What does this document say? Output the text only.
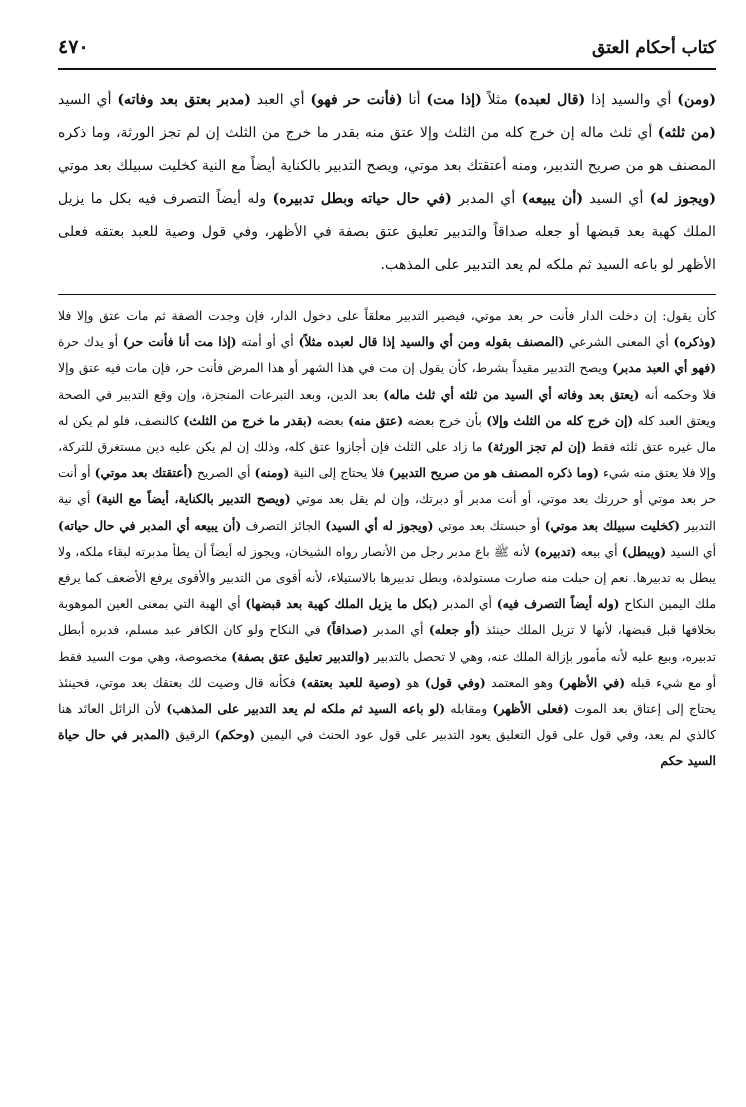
كتاب أحكام العتق
٤٧٠

(ومن) أي والسيد إذا (قال لعبده) مثلاً (إذا مت) أنا (فأنت حر فهو) أي العبد (مدبر بعتق بعد وفاته) أي السيد (من ثلثه) أي ثلث ماله إن خرج كله من الثلث وإلا عتق منه بقدر ما خرج من الثلث إن لم تجز الورثة، وما ذكره المصنف هو من صريح التدبير، ومنه أعتقتك بعد موتي، ويصح التدبير بالكناية أيضاً مع النية كخليت سبيلك بعد موتي (ويجوز له) أي السيد (أن يبيعه) أي المدبر (في حال حياته وبطل تدبيره) وله أيضاً التصرف فيه بكل ما يزيل الملك كهبة بعد قبضها أو جعله صداقاً والتدبير تعليق عتق بصفة في الأظهر، وفي قول وصية للعبد بعتقه فعلى الأظهر لو باعه السيد ثم ملكه لم يعد التدبير على المذهب.

كأن يقول: إن دخلت الدار فأنت حر بعد موتي، فيصير التدبير معلقاً على دخول الدار، فإن وجدت الصفة ثم مات عتق وإلا فلا (وذكره) أي المعنى الشرعي (المصنف بقوله ومن أي والسيد إذا قال لعبده مثلاً) أي أو أمته (إذا مت أنا فأنت حر) أو يدك حرة (فهو أي العبد مدبر) ويصح التدبير مقيداً بشرط، كأن يقول إن مت في هذا الشهر أو هذا المرض فأنت حر، فإن مات فيه عتق وإلا فلا وحكمه أنه (يعتق بعد وفاته أي السيد من ثلثه أي ثلث ماله) بعد الدين، وبعد التبرعات المنجزة، وإن وقع التدبير في الصحة ويعتق العبد كله (إن خرج كله من الثلث وإلا) بأن خرج بعضه (عتق منه) بعضه (بقدر ما خرج من الثلث) كالنصف، فلو لم يكن له مال غيره عتق ثلثه فقط (إن لم تجز الورثة) ما زاد على الثلث فإن أجازوا عتق كله، وذلك إن لم يكن عليه دين مستغرق للتركة، وإلا فلا يعتق منه شيء (وما ذكره المصنف هو من صريح التدبير) فلا يحتاج إلى النية (ومنه) أي الصريح (أعتقتك بعد موتي) أو أنت حر بعد موتي أو حررتك بعد موتي، أو أنت مدبر أو دبرتك، وإن لم يقل بعد موتي (ويصح التدبير بالكناية، أيضاً مع النية) أي نية التدبير (كخليت سبيلك بعد موتي) أو حبستك بعد موتي (ويجوز له أي السيد) الجائز التصرف (أن يبيعه أي المدبر في حال حياته) أي السيد (ويبطل) أي بيعه (تدبيره) لأنه ﷺ باع مدبر رجل من الأنصار رواه الشيخان، ويجوز له أيضاً أن يطأ مدبرته لبقاء ملكه، ولا يبطل به تدبيرها. نعم إن حبلت منه صارت مستولدة، وبطل تدبيرها بالاستيلاء، لأنه أقوى من التدبير والأقوى يرفع الأضعف كما يرفع ملك اليمين النكاح (وله أيضاً التصرف فيه) أي المدبر (بكل ما يزيل الملك كهبة بعد قبضها) أي الهبة التي بمعنى العين الموهوبة بخلافها قبل قبضها، لأنها لا تزيل الملك حينئذ (أو جعله) أي المدبر (صداقاً) في النكاح ولو كان الكافر عبد مسلم، فدبره أبطل تدبيره، وبيع عليه لأنه مأمور بإزالة الملك عنه، وهي لا تحصل بالتدبير (والتدبير تعليق عتق بصفة) مخصوصة، وهي موت السيد فقط أو مع شيء قبله (في الأظهر) وهو المعتمد (وفي قول) هو (وصية للعبد بعتقه) فكأنه قال وصيت لك بعتقك بعد موتي، فحينئذ يحتاج إلى إعتاق بعد الموت (فعلى الأظهر) ومقابله (لو باعه السيد ثم ملكه لم يعد التدبير على المذهب) لأن الزائل العائد هنا كالذي لم يعد، وفي قول على قول التعليق يعود التدبير على قول عود الحنث في اليمين (وحكم) الرقيق (المدبر في حال حياة السيد حكم
